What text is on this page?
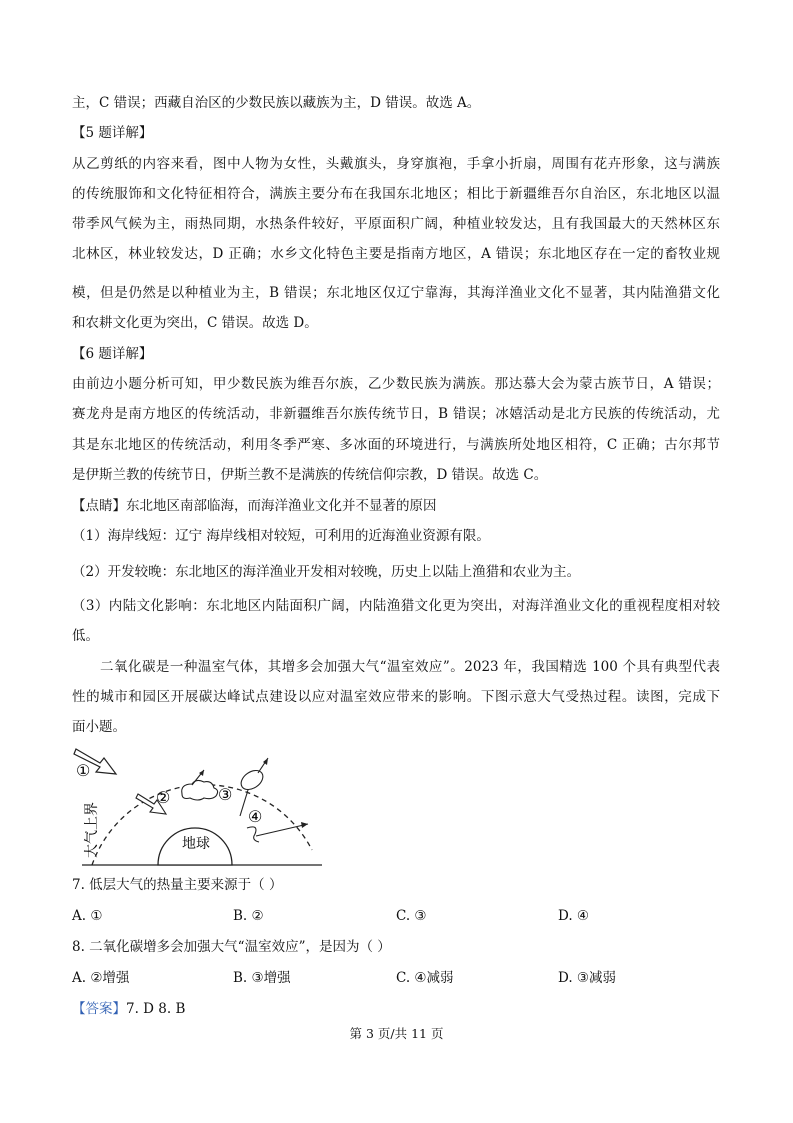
主，C 错误；西藏自治区的少数民族以藏族为主，D 错误。故选 A。
【5 题详解】
从乙剪纸的内容来看，图中人物为女性，头戴旗头，身穿旗袍，手拿小折扇，周围有花卉形象，这与满族
的传统服饰和文化特征相符合，满族主要分布在我国东北地区；相比于新疆维吾尔自治区，东北地区以温
带季风气候为主，雨热同期，水热条件较好，平原面积广阔，种植业较发达，且有我国最大的天然林区东
北林区，林业较发达，D 正确；水乡文化特色主要是指南方地区，A 错误；东北地区存在一定的畜牧业规
模，但是仍然是以种植业为主，B 错误；东北地区仅辽宁靠海，其海洋渔业文化不显著，其内陆渔猎文化
和农耕文化更为突出，C 错误。故选 D。
【6 题详解】
由前边小题分析可知，甲少数民族为维吾尔族，乙少数民族为满族。那达慕大会为蒙古族节日，A 错误；
赛龙舟是南方地区的传统活动，非新疆维吾尔族传统节日，B 错误；冰嬉活动是北方民族的传统活动，尤
其是东北地区的传统活动，利用冬季严寒、多冰面的环境进行，与满族所处地区相符，C 正确；古尔邦节
是伊斯兰教的传统节日，伊斯兰教不是满族的传统信仰宗教，D 错误。故选 C。
【点睛】东北地区南部临海，而海洋渔业文化并不显著的原因
（1）海岸线短：辽宁 海岸线相对较短，可利用的近海渔业资源有限。
（2）开发较晚：东北地区的海洋渔业开发相对较晚，历史上以陆上渔猎和农业为主。
（3）内陆文化影响：东北地区内陆面积广阔，内陆渔猎文化更为突出，对海洋渔业文化的重视程度相对较
低。
二氧化碳是一种温室气体，其增多会加强大气“温室效应”。2023 年，我国精选 100 个具有典型代表
性的城市和园区开展碳达峰试点建设以应对温室效应带来的影响。下图示意大气受热过程。读图，完成下
面小题。
地球
①
②	③
④
大气上界
7. 低层大气的热量主要来源于（ ）
A. ①	B. ②	C. ③	D. ④
8. 二氧化碳增多会加强大气“温室效应”，是因为（ ）
A. ②增强	B. ③增强	C. ④减弱	D. ③减弱
【答案】7. D 8. B
第 3 页/共 11 页
